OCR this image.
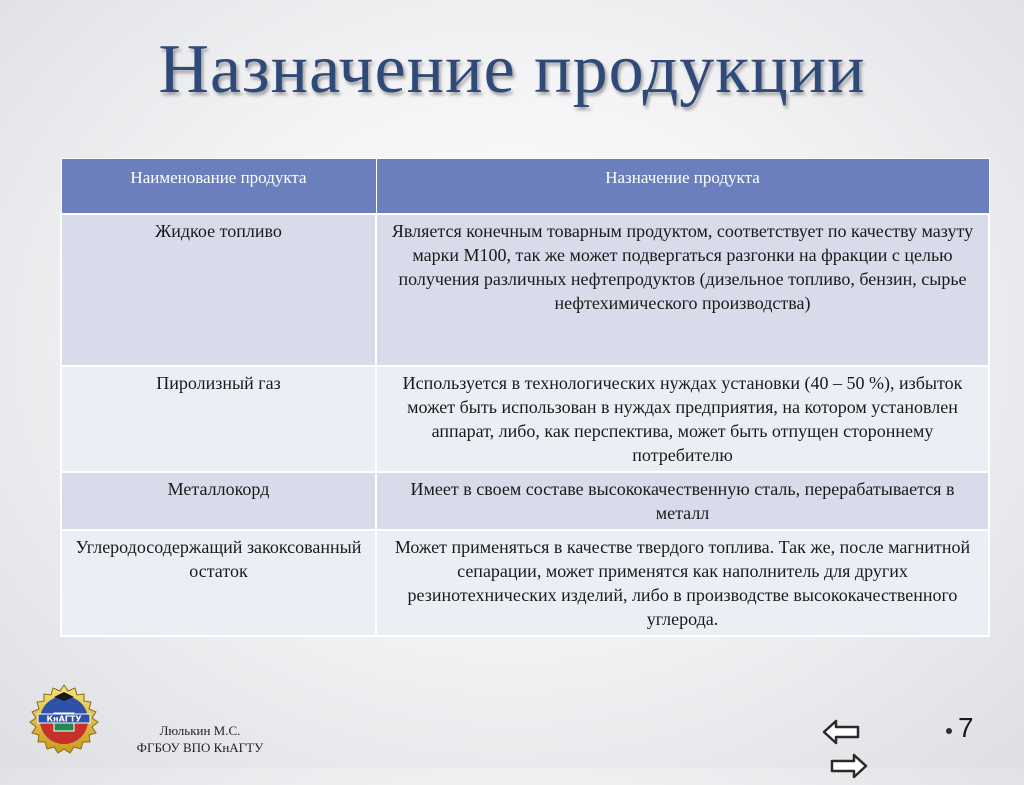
Назначение продукции
Наименование продукта	Назначение продукта
Жидкое топливо	Является конечным товарным продуктом, соответствует по качеству мазуту марки М100, так же может подвергаться разгонки на фракции с целью получения различных нефтепродуктов (дизельное топливо, бензин, сырье нефтехимического производства)
Пиролизный газ	Используется в технологических нуждах установки (40 – 50 %), избыток может быть использован в нуждах предприятия, на котором установлен аппарат, либо, как перспектива, может быть отпущен стороннему потребителю
Металлокорд	Имеет в своем составе высококачественную сталь, перерабатывается в металл
Углеродосодержащий закоксованный остаток	Может применяться в качестве твердого топлива. Так же, после магнитной сепарации, может применятся как наполнитель для других резинотехнических изделий, либо в производстве высококачественного углерода.
КнАГТУ
Люлькин М.С.
ФГБОУ ВПО КнАГТУ

7
